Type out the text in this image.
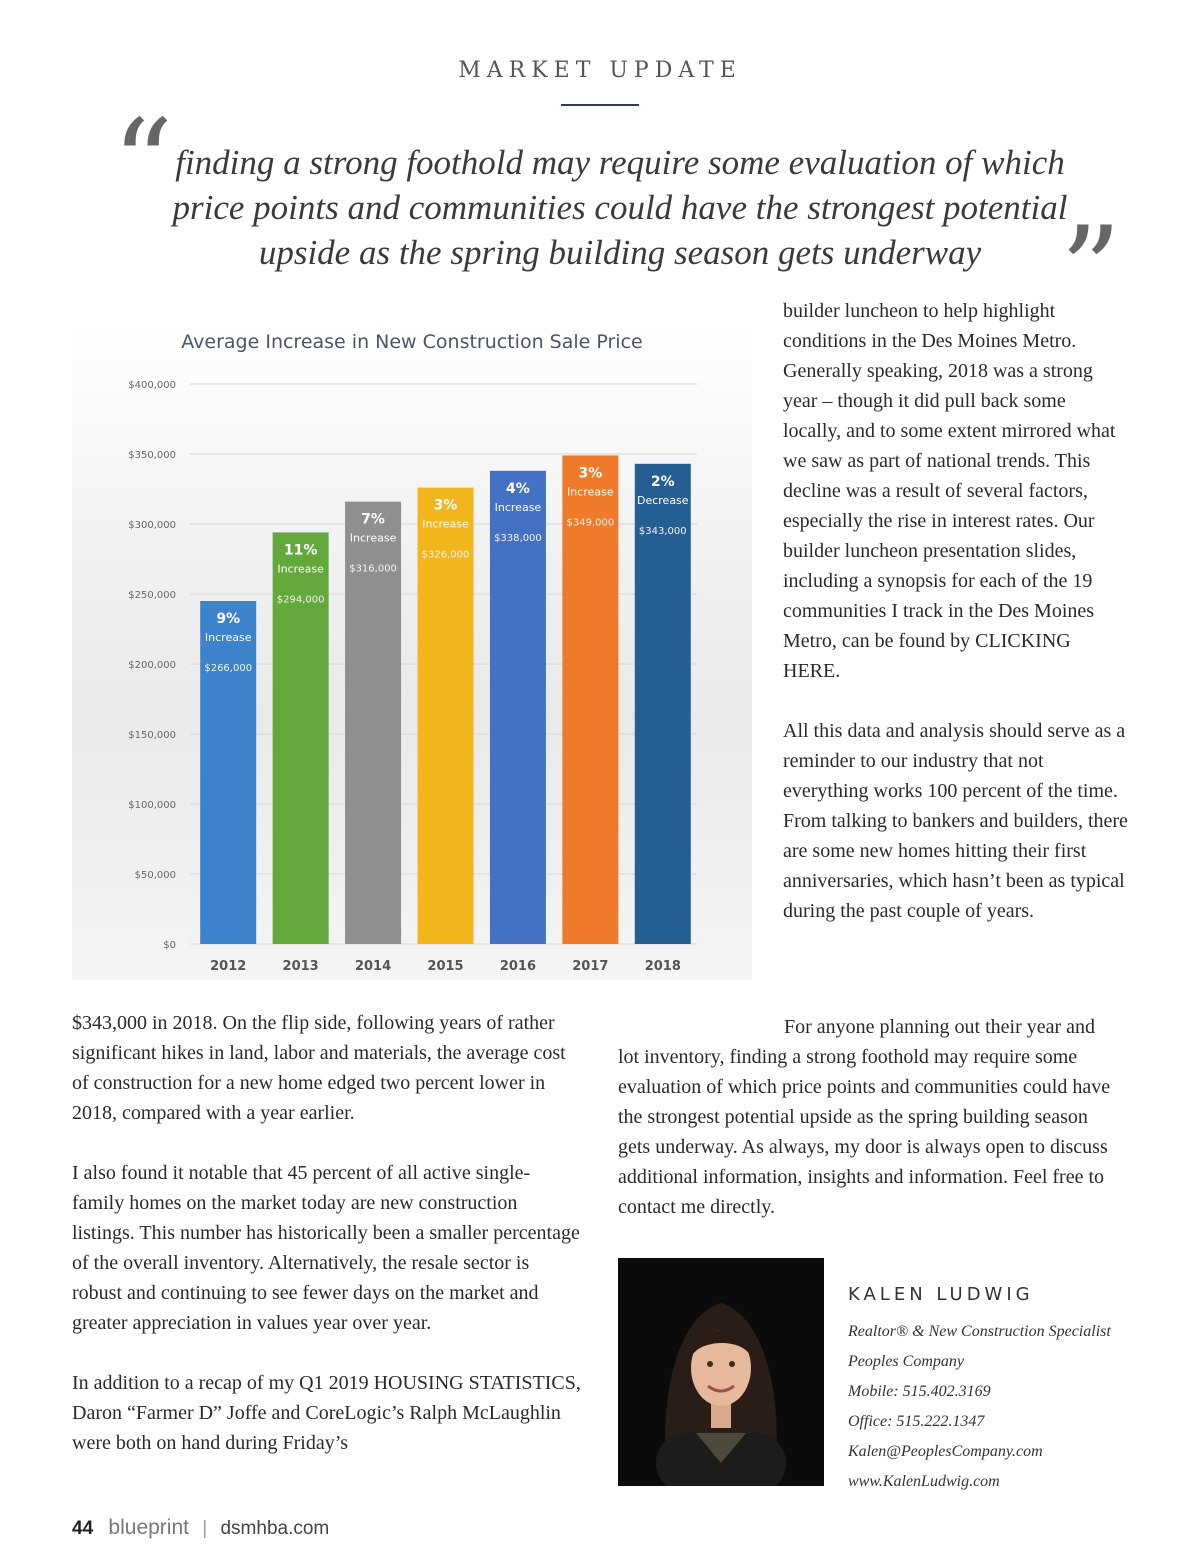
MARKET UPDATE
“ finding a strong foothold may require some evaluation of which
price points and communities could have the strongest potential
upside as the spring building season gets underway ”
Average Increase in New Construction Sale Price
$0
$50,000
$100,000
$150,000
$200,000
$250,000
$300,000
$350,000
$400,000
9%
Increase
$266,000
2012
11%
Increase
$294,000
2013
7%
Increase
$316,000
2014
3%
Increase
$326,000
2015
4%
Increase
$338,000
2016
3%
Increase
$349,000
2017
2%
Decrease
$343,000
2018

builder luncheon to help highlight conditions in the Des Moines Metro. Generally speaking, 2018 was a strong year – though it did pull back some locally, and to some extent mirrored what we saw as part of national trends. This decline was a result of several factors, especially the rise in interest rates. Our builder luncheon presentation slides, including a synopsis for each of the 19 communities I track in the Des Moines Metro, can be found by CLICKING HERE.

All this data and analysis should serve as a reminder to our industry that not everything works 100 percent of the time. From talking to bankers and builders, there are some new homes hitting their first anniversaries, which hasn’t been as typical during the past couple of years.

$343,000 in 2018. On the flip side, following years of rather significant hikes in land, labor and materials, the average cost of construction for a new home edged two percent lower in 2018, compared with a year earlier.

I also found it notable that 45 percent of all active single-family homes on the market today are new construction listings. This number has historically been a smaller percentage of the overall inventory. Alternatively, the resale sector is robust and continuing to see fewer days on the market and greater appreciation in values year over year.

In addition to a recap of my Q1 2019 HOUSING STATISTICS, Daron “Farmer D” Joffe and CoreLogic’s Ralph McLaughlin were both on hand during Friday’s

For anyone planning out their year and lot inventory, finding a strong foothold may require some evaluation of which price points and communities could have the strongest potential upside as the spring building season gets underway. As always, my door is always open to discuss additional information, insights and information. Feel free to contact me directly.

KALEN LUDWIG
Realtor® & New Construction Specialist
Peoples Company
Mobile: 515.402.3169
Office: 515.222.1347
Kalen@PeoplesCompany.com
www.KalenLudwig.com
44 blueprint | dsmhba.com
